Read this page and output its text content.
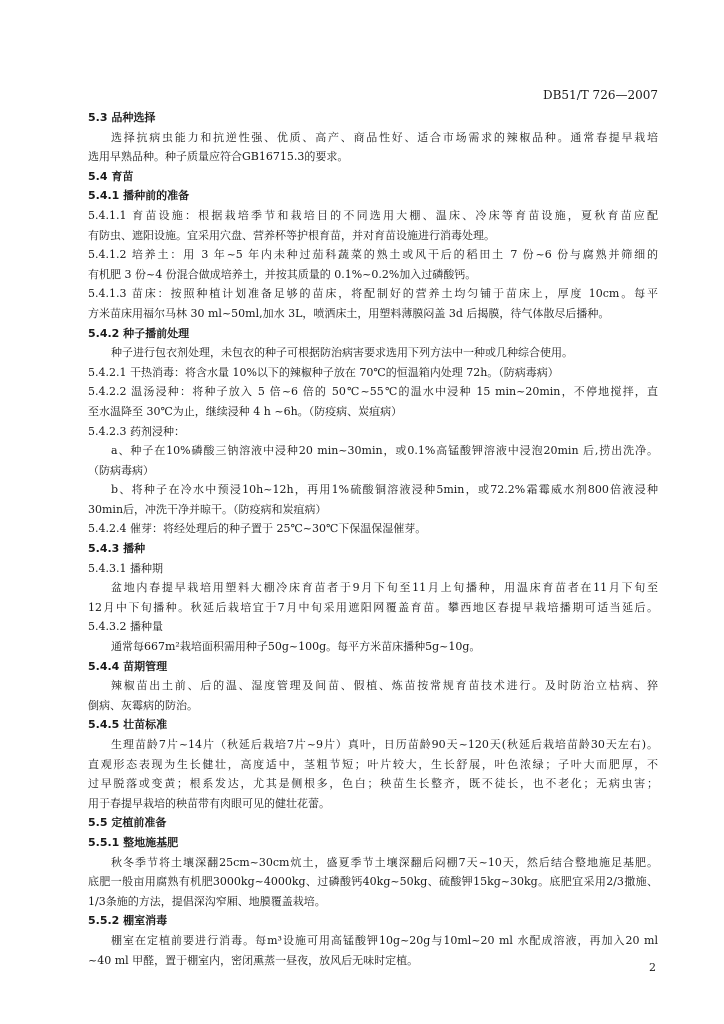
DB51/T 726—2007

5.3 品种选择

选择抗病虫能力和抗逆性强、优质、高产、商品性好、适合市场需求的辣椒品种。通常春提早栽培

选用早熟品种。种子质量应符合GB16715.3的要求。

5.4 育苗

5.4.1 播种前的准备

5.4.1.1 育苗设施：根据栽培季节和栽培目的不同选用大棚、温床、冷床等育苗设施，夏秋育苗应配

有防虫、遮阳设施。宜采用穴盘、营养杯等护根育苗，并对育苗设施进行消毒处理。

5.4.1.2 培养土：用 3 年~5 年内未种过茄科蔬菜的熟土或风干后的稻田土 7 份~6 份与腐熟并筛细的

有机肥 3 份~4 份混合做成培养土，并按其质量的 0.1%~0.2%加入过磷酸钙。

5.4.1.3 苗床：按照种植计划准备足够的苗床，将配制好的营养土均匀铺于苗床上，厚度 10cm。每平

方米苗床用福尔马林 30 ml~50ml,加水 3L，喷洒床土，用塑料薄膜闷盖 3d 后揭膜，待气体散尽后播种。

5.4.2 种子播前处理

种子进行包衣剂处理，未包衣的种子可根据防治病害要求选用下列方法中一种或几种综合使用。

5.4.2.1 干热消毒：将含水量 10%以下的辣椒种子放在 70℃的恒温箱内处理 72h。（防病毒病）

5.4.2.2 温汤浸种：将种子放入 5 倍~6 倍的 50℃~55℃的温水中浸种 15 min~20min，不停地搅拌，直

至水温降至 30℃为止，继续浸种 4 h ~6h。（防疫病、炭疽病）

5.4.2.3 药剂浸种：

a、种子在10%磷酸三钠溶液中浸种20 min~30min，或0.1%高锰酸钾溶液中浸泡20min 后,捞出洗净。

（防病毒病）

b、将种子在冷水中预浸10h~12h，再用1%硫酸铜溶液浸种5min，或72.2%霜霉威水剂800倍液浸种

30min后，冲洗干净并晾干。（防疫病和炭疽病）

5.4.2.4 催芽：将经处理后的种子置于 25℃~30℃下保温保湿催芽。

5.4.3 播种

5.4.3.1 播种期

盆地内春提早栽培用塑料大棚冷床育苗者于9月下旬至11月上旬播种，用温床育苗者在11月下旬至

12月中下旬播种。秋延后栽培宜于7月中旬采用遮阳网覆盖育苗。攀西地区春提早栽培播期可适当延后。

5.4.3.2 播种量

通常每667m²栽培面积需用种子50g~100g。每平方米苗床播种5g~10g。

5.4.4 苗期管理

辣椒苗出土前、后的温、湿度管理及间苗、假植、炼苗按常规育苗技术进行。及时防治立枯病、猝

倒病、灰霉病的防治。

5.4.5 壮苗标准

生理苗龄7片~14片（秋延后栽培7片~9片）真叶，日历苗龄90天~120天(秋延后栽培苗龄30天左右)。

直观形态表现为生长健壮，高度适中，茎粗节短；叶片较大，生长舒展，叶色浓绿；子叶大而肥厚，不

过早脱落或变黄；根系发达，尤其是侧根多，色白；秧苗生长整齐，既不徒长，也不老化；无病虫害；

用于春提早栽培的秧苗带有肉眼可见的健壮花蕾。

5.5 定植前准备

5.5.1 整地施基肥

秋冬季节将土壤深翻25cm~30cm炕土，盛夏季节土壤深翻后闷棚7天~10天，然后结合整地施足基肥。

底肥一般亩用腐熟有机肥3000kg~4000kg、过磷酸钙40kg~50kg、硫酸钾15kg~30kg。底肥宜采用2/3撒施、

1/3条施的方法，提倡深沟窄厢、地膜覆盖栽培。

5.5.2 棚室消毒

棚室在定植前要进行消毒。每m³设施可用高锰酸钾10g~20g与10ml~20 ml 水配成溶液，再加入20 ml

~40 ml 甲醛，置于棚室内，密闭熏蒸一昼夜，放风后无味时定植。

2
